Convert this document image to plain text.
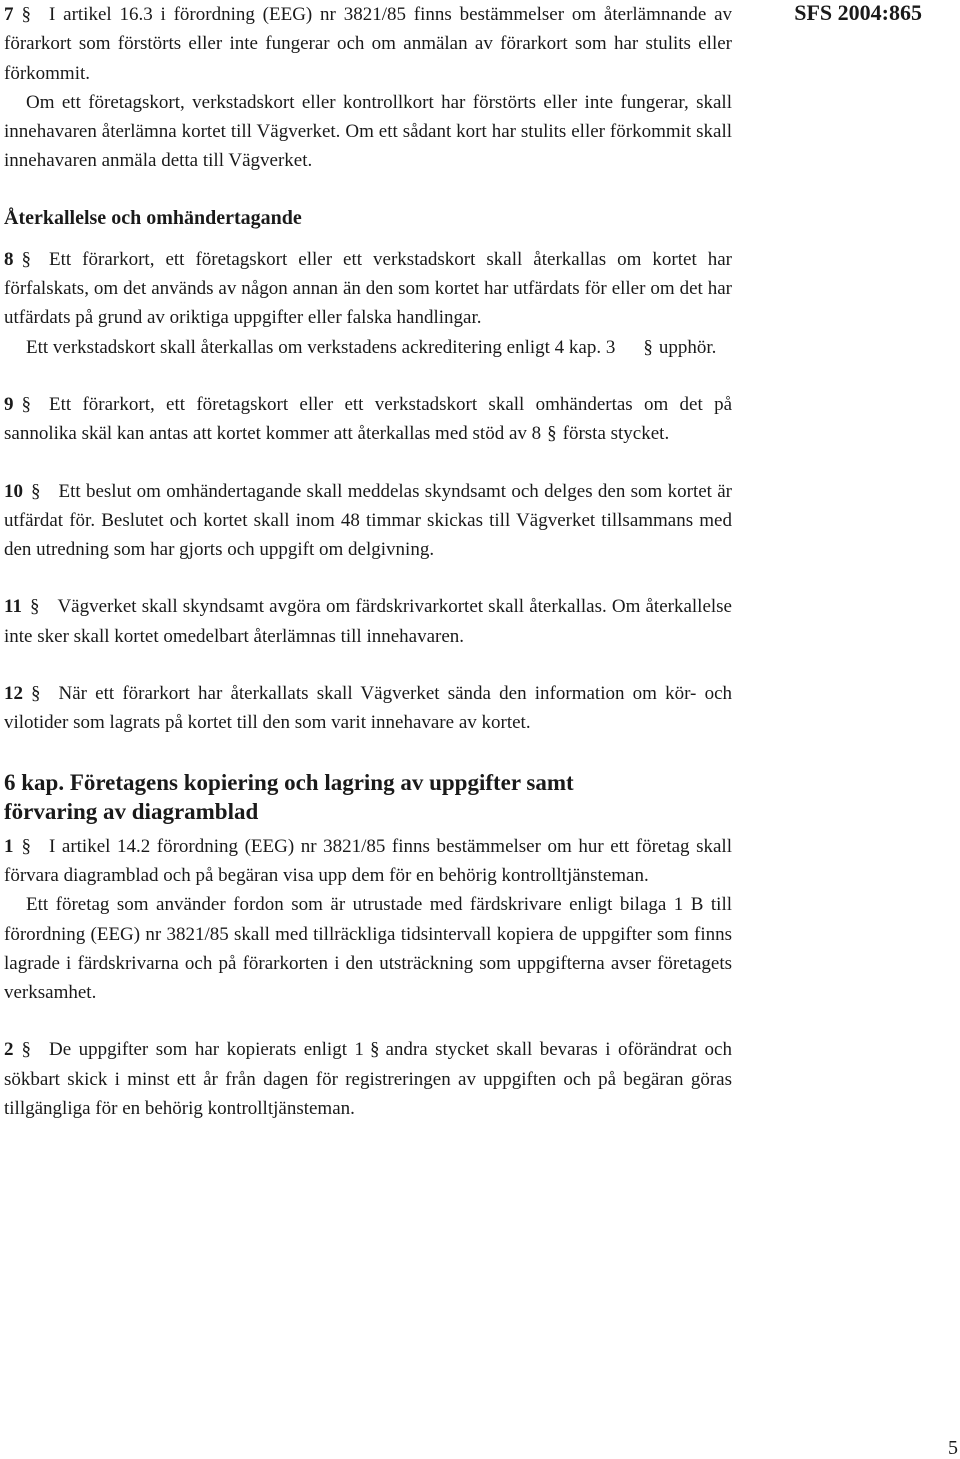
SFS 2004:865

7 § I artikel 16.3 i förordning (EEG) nr 3821/85 finns bestämmelser om återlämnande av förarkort som förstörts eller inte fungerar och om anmälan av förarkort som har stulits eller förkommit.

Om ett företagskort, verkstadskort eller kontrollkort har förstörts eller inte fungerar, skall innehavaren återlämna kortet till Vägverket. Om ett sådant kort har stulits eller förkommit skall innehavaren anmäla detta till Vägverket.

Återkallelse och omhändertagande

8 § Ett förarkort, ett företagskort eller ett verkstadskort skall återkallas om kortet har förfalskats, om det används av någon annan än den som kortet har utfärdats för eller om det har utfärdats på grund av oriktiga uppgifter eller falska handlingar.

Ett verkstadskort skall återkallas om verkstadens ackreditering enligt 4 kap. 3 § upphör.

9 § Ett förarkort, ett företagskort eller ett verkstadskort skall omhändertas om det på sannolika skäl kan antas att kortet kommer att återkallas med stöd av 8 § första stycket.

10 § Ett beslut om omhändertagande skall meddelas skyndsamt och delges den som kortet är utfärdat för. Beslutet och kortet skall inom 48 timmar skickas till Vägverket tillsammans med den utredning som har gjorts och uppgift om delgivning.

11 § Vägverket skall skyndsamt avgöra om färdskrivarkortet skall återkallas. Om återkallelse inte sker skall kortet omedelbart återlämnas till innehavaren.

12 § När ett förarkort har återkallats skall Vägverket sända den information om kör- och vilotider som lagrats på kortet till den som varit innehavare av kortet.

6 kap. Företagens kopiering och lagring av uppgifter samt
förvaring av diagramblad

1 § I artikel 14.2 förordning (EEG) nr 3821/85 finns bestämmelser om hur ett företag skall förvara diagramblad och på begäran visa upp dem för en behörig kontrolltjänsteman.

Ett företag som använder fordon som är utrustade med färdskrivare enligt bilaga 1 B till förordning (EEG) nr 3821/85 skall med tillräckliga tidsintervall kopiera de uppgifter som finns lagrade i färdskrivarna och på förarkorten i den utsträckning som uppgifterna avser företagets verksamhet.

2 § De uppgifter som har kopierats enligt 1 § andra stycket skall bevaras i oförändrat och sökbart skick i minst ett år från dagen för registreringen av uppgiften och på begäran göras tillgängliga för en behörig kontrolltjänsteman.

5
